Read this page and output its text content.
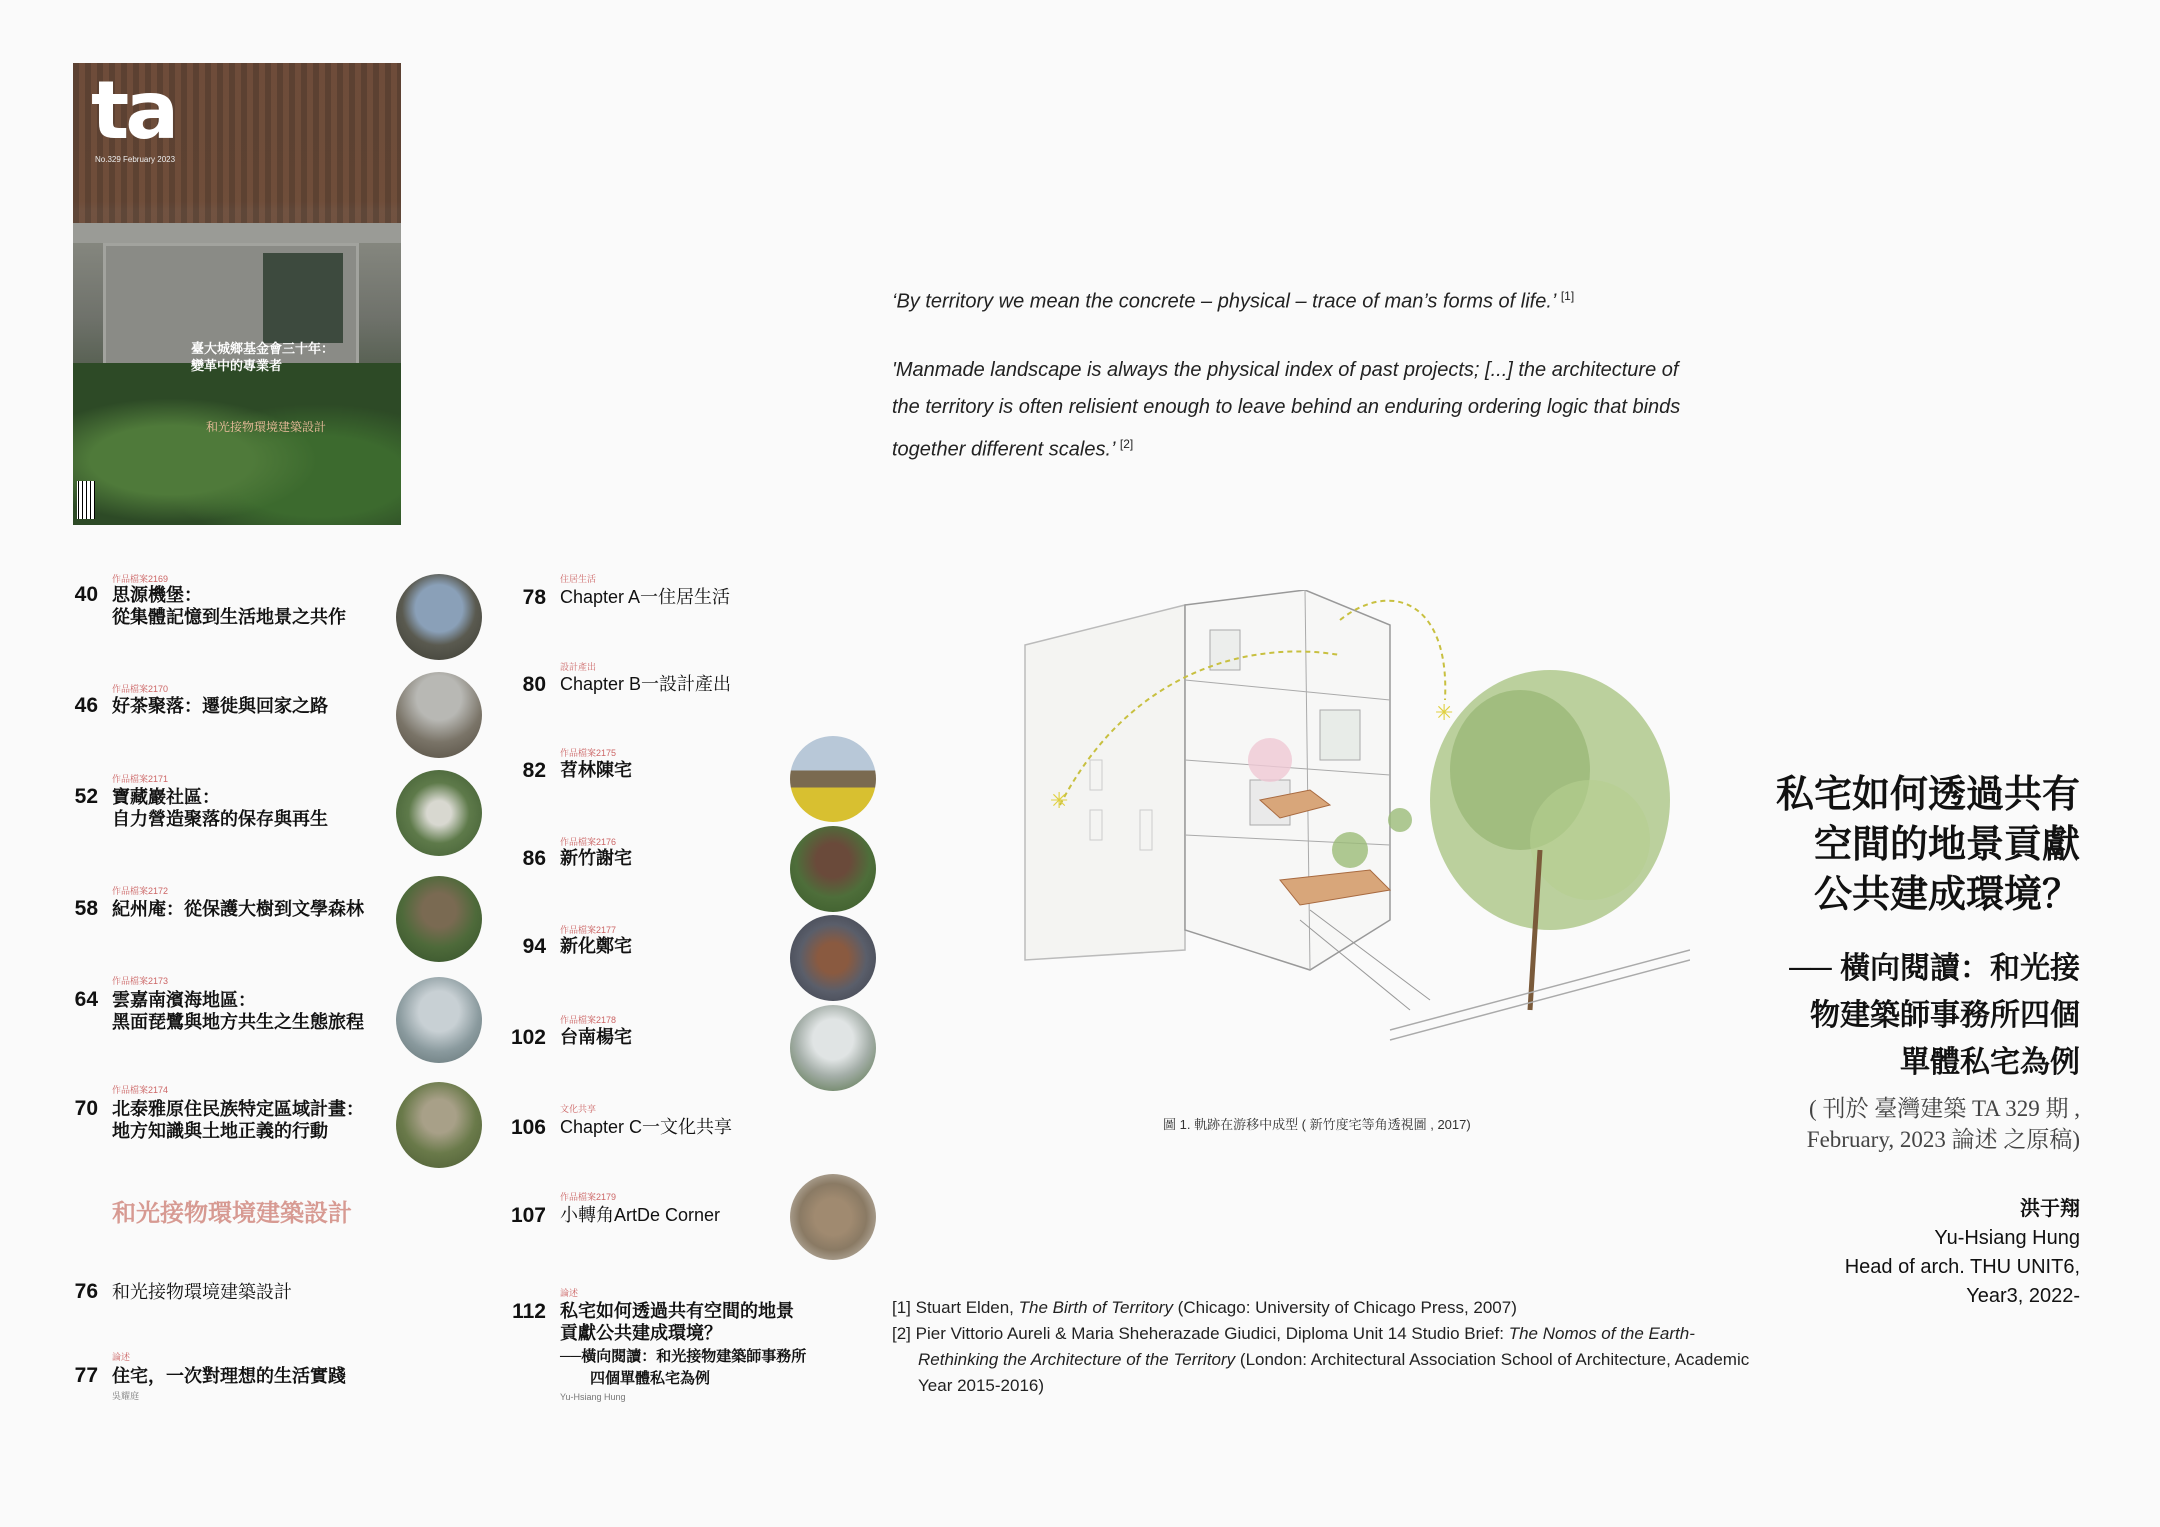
ta
No.329 February 2023
臺大城鄉基金會三十年：
變革中的專業者
和光接物環境建築設計
作品檔案2169
40 思源機堡：
從集體記憶到生活地景之共作
作品檔案2170
46 好茶聚落：遷徙與回家之路
作品檔案2171
52 寶藏巖社區：
自力營造聚落的保存與再生
作品檔案2172
58 紀州庵：從保護大樹到文學森林
作品檔案2173
64 雲嘉南濱海地區：
黑面琵鷺與地方共生之生態旅程
作品檔案2174
70 北泰雅原住民族特定區域計畫：
地方知識與土地正義的行動
和光接物環境建築設計
76 和光接物環境建築設計
論述
77 住宅，一次對理想的生活實踐
吳耀庭
住居生活
78 Chapter A一住居生活
設計產出
80 Chapter B一設計產出
作品檔案2175
82 苕林陳宅
作品檔案2176
86 新竹謝宅
作品檔案2177
94 新化鄭宅
作品檔案2178
102 台南楊宅
文化共享
106 Chapter C一文化共享
作品檔案2179
107 小轉角ArtDe Corner
論述
112 私宅如何透過共有空間的地景
貢獻公共建成環境？
──橫向閱讀：和光接物建築師事務所
四個單體私宅為例
Yu-Hsiang Hung
‘By territory we mean the concrete – physical – trace of man’s forms of life.’ [1]
'Manmade landscape is always the physical index of past projects; [...] the architecture of
the territory is often relisient enough to leave behind an enduring ordering logic that binds
together different scales.’ [2]
✳
✳
圖 1. 軌跡在游移中成型 ( 新竹度宅等角透視圖 , 2017)
[1] Stuart Elden, The Birth of Territory (Chicago: University of Chicago Press, 2007)
[2] Pier Vittorio Aureli & Maria Sheherazade Giudici, Diploma Unit 14 Studio Brief: The Nomos of the Earth-Rethinking the Architecture of the Territory (London: Architectural Association School of Architecture, Academic Year 2015-2016)
私宅如何透過共有
空間的地景貢獻
公共建成環境？
── 橫向閱讀：和光接
物建築師事務所四個
單體私宅為例
( 刊於 臺灣建築 TA 329 期 ,
February, 2023 論述 之原稿)
洪于翔
Yu-Hsiang Hung
Head of arch. THU UNIT6,
Year3, 2022-
